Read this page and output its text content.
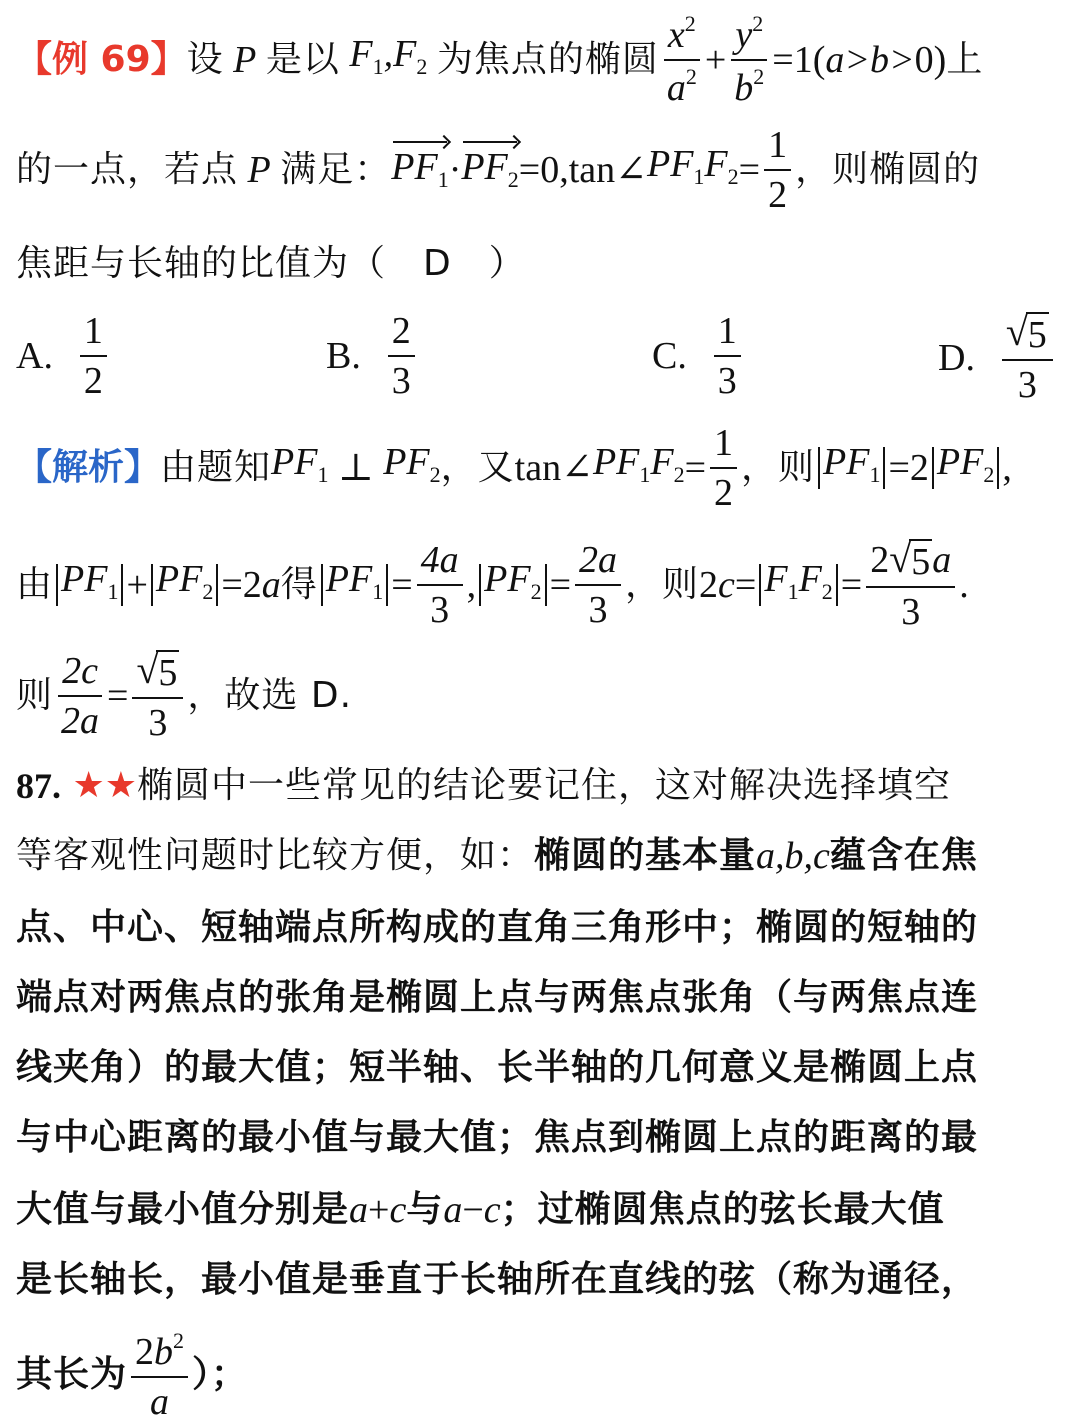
【例 69】 设 P 是以 $F_1,F_2$ 为焦点的椭圆 $\frac{x^2}{a^2} + \frac{y^2}{b^2} =1$( a>b> 0) 上
的一点，若点 P 满足： $PF_1 \cdot PF_2$ =0,tan∠ $PF_1F_2 = \frac{1}{2}$ ，则椭圆的
焦距与长轴的比值为（　D　）
A.
$\frac{1}{2}$	B.
$\frac{2}{3}$	C.
$\frac{1}{3}$	D.
$\frac{√ 5}{3}$
【解析】 由题知 $PF_1$ ⊥ $PF_2$ ，又 tan∠ $PF_1F_2 = \frac{1}{2}$ ，则 $PF_1 =2$ $PF_2$ ,
由 $PF_1 + PF_2 =2$ a 得 $PF_1 = \frac{4a}{3}$ , $PF_2 = \frac{2a}{3}$ ，则 2 $c = F_1F_2 = \frac{2 √ 5 a}{3}$ .
则 $\frac{2c}{2a} = \frac{√ 5}{3}$ ，故选 D.
87.
★★ 椭圆中一些常见的结论要记住，这对解决选择填空
等客观性问题时比较方便，如： 椭圆的基本量 a,b,c 蕴含在焦
点、中心、短轴端点所构成的直角三角形中；椭圆的短轴的
端点对两焦点的张角是椭圆上点与两焦点张角（与两焦点连
线夹角）的最大值；短半轴、长半轴的几何意义是椭圆上点
与中心距离的最小值与最大值；焦点到椭圆上点的距离的最
大值与最小值分别是 a + c 与 a − c ；过椭圆焦点的弦长最大值
是长轴长，最小值是垂直于长轴所在直线的弦（称为通径，
其长为 $\frac{2b^2}{a}$ ）；
